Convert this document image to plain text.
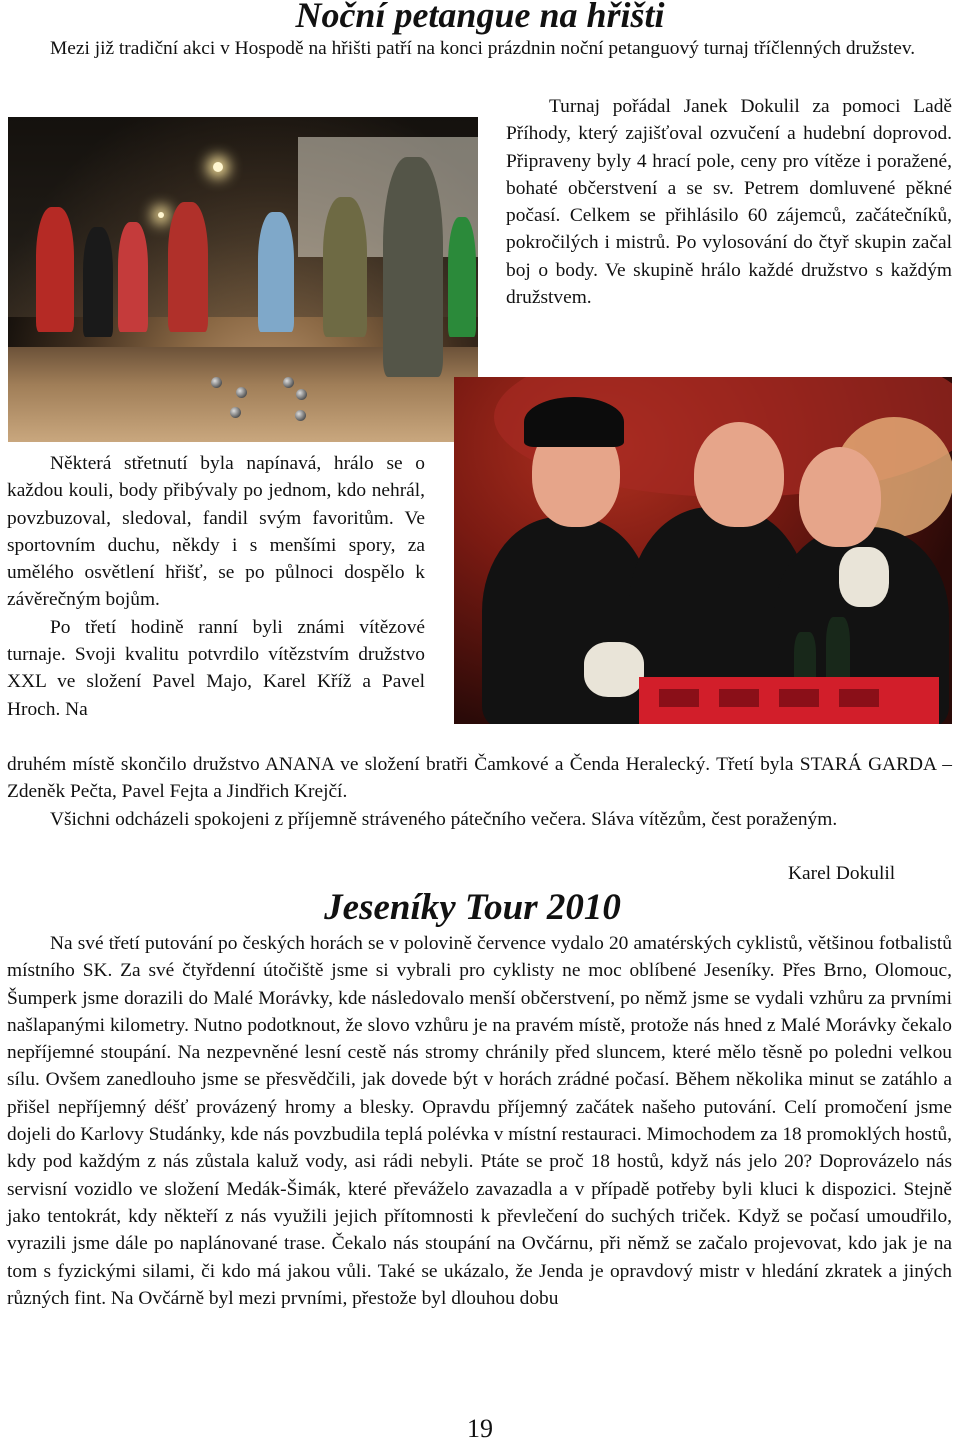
Noční petangue na hřišti

Mezi již tradiční akci v Hospodě na hřišti patří na konci prázdnin noční petanguový turnaj tříčlenných družstev.

Turnaj pořádal Janek Dokulil za pomoci Ladě Příhody, který zajišťoval ozvučení a hudební doprovod. Připraveny byly 4 hrací pole, ceny pro vítěze i poražené, bohaté občerstvení a se sv. Petrem domluvené pěkné počasí. Celkem se přihlásilo 60 zájemců, začátečníků, pokročilých i mistrů. Po vylosování do čtyř skupin začal boj o body. Ve skupině hrálo každé družstvo s každým družstvem.

Některá střetnutí byla napínavá, hrálo se o každou kouli, body přibývaly po jednom, kdo nehrál, povzbuzoval, sledoval, fandil svým favoritům. Ve sportovním duchu, někdy i s menšími spory, za umělého osvětlení hřišť, se po půlnoci dospělo k závěrečným bojům.

Po třetí hodině ranní byli známi vítězové turnaje. Svoji kvalitu potvrdilo vítězstvím družstvo XXL ve složení Pavel Majo, Karel Kříž a Pavel Hroch. Na

druhém místě skončilo družstvo ANANA ve složení bratři Čamkové a Čenda Heralecký. Třetí byla STARÁ GARDA – Zdeněk Pečta, Pavel Fejta a Jindřich Krejčí.

Všichni odcházeli spokojeni z příjemně stráveného pátečního večera. Sláva vítězům, čest poraženým.

Karel Dokulil
Jeseníky Tour 2010

Na své třetí putování po českých horách se v polovině července vydalo 20 amatérských cyklistů, většinou fotbalistů místního SK. Za své čtyřdenní útočiště jsme si vybrali pro cyklisty ne moc oblíbené Jeseníky. Přes Brno, Olomouc, Šumperk jsme dorazili do Malé Morávky, kde následovalo menší občerstvení, po němž jsme se vydali vzhůru za prvními našlapanými kilometry. Nutno podotknout, že slovo vzhůru je na pravém místě, protože nás hned z Malé Morávky čekalo nepříjemné stoupání. Na nezpevněné lesní cestě nás stromy chránily před sluncem, které mělo těsně po poledni velkou sílu. Ovšem zanedlouho jsme se přesvědčili, jak dovede být v horách zrádné počasí. Během několika minut se zatáhlo a přišel nepříjemný déšť provázený hromy a blesky. Opravdu příjemný začátek našeho putování. Celí promočení jsme dojeli do Karlovy Studánky, kde nás povzbudila teplá polévka v místní restauraci. Mimochodem za 18 promoklých hostů, kdy pod každým z nás zůstala kaluž vody, asi rádi nebyli. Ptáte se proč 18 hostů, když nás jelo 20? Doprovázelo nás servisní vozidlo ve složení Medák-Šimák, které převáželo zavazadla a v případě potřeby byli kluci k dispozici. Stejně jako tentokrát, kdy někteří z nás využili jejich přítomnosti k převlečení do suchých triček. Když se počasí umoudřilo, vyrazili jsme dále po naplánované trase. Čekalo nás stoupání na Ovčárnu, při němž se začalo projevovat, kdo jak je na tom s fyzickými silami, či kdo má jakou vůli. Také se ukázalo, že Jenda je opravdový mistr v hledání zkratek a jiných různých fint. Na Ovčárně byl mezi prvními, přestože byl dlouhou dobu

19
